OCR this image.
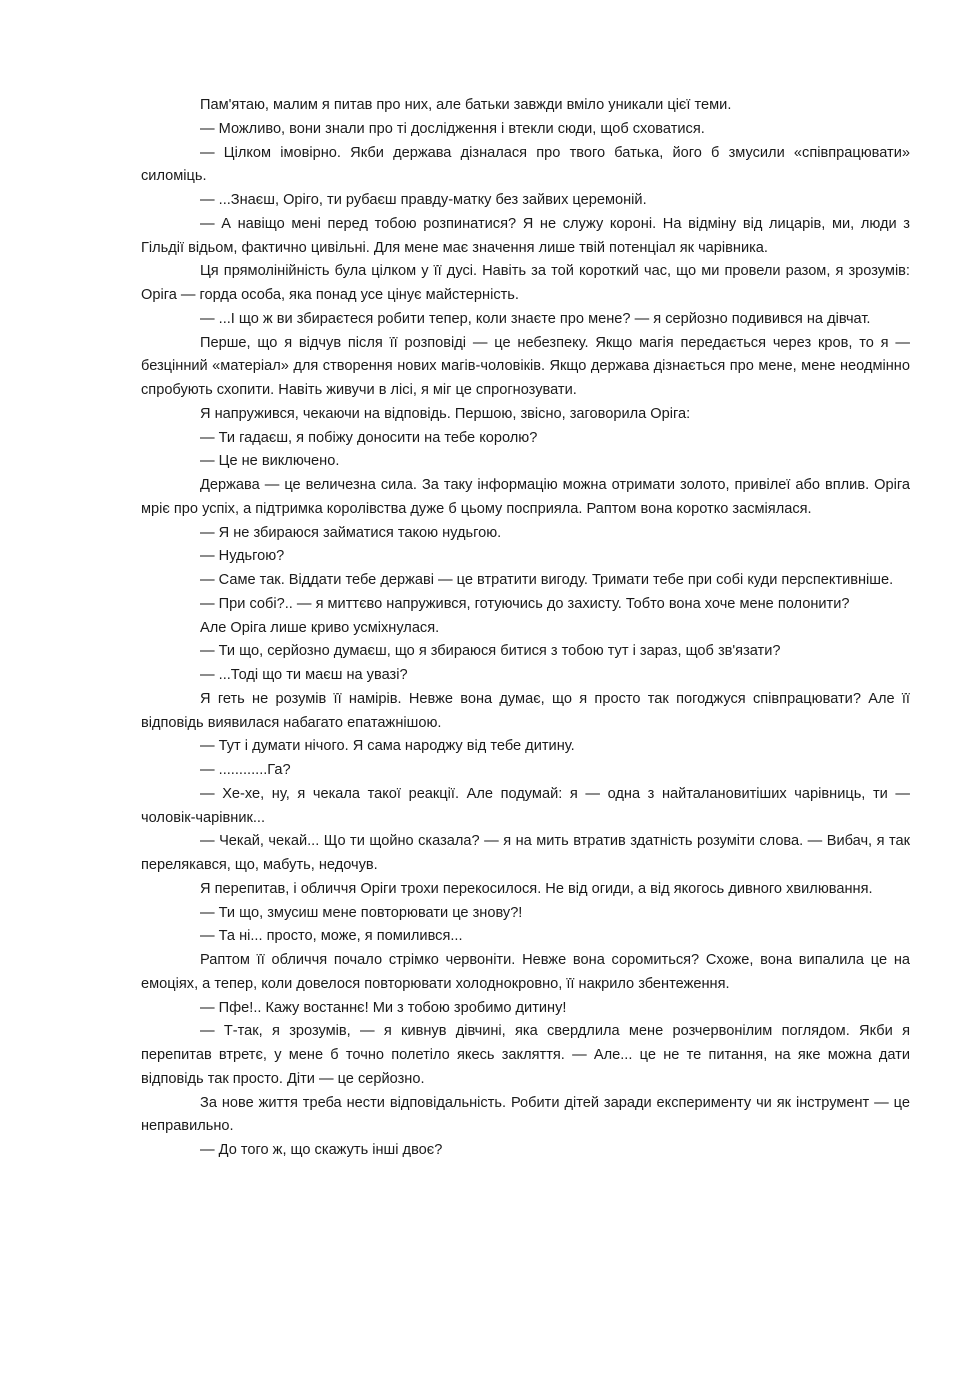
Пам'ятаю, малим я питав про них, але батьки завжди вміло уникали цієї теми.

— Можливо, вони знали про ті дослідження і втекли сюди, щоб сховатися.

— Цілком імовірно. Якби держава дізналася про твого батька, його б змусили «співпрацювати» силоміць.

— ...Знаєш, Оріго, ти рубаєш правду-матку без зайвих церемоній.

— А навіщо мені перед тобою розпинатися? Я не служу короні. На відміну від лицарів, ми, люди з Гільдії відьом, фактично цивільні. Для мене має значення лише твій потенціал як чарівника.

Ця прямолінійність була цілком у її дусі. Навіть за той короткий час, що ми провели разом, я зрозумів: Оріга — горда особа, яка понад усе цінує майстерність.

— ...І що ж ви збираєтеся робити тепер, коли знаєте про мене? — я серйозно подивився на дівчат.

Перше, що я відчув після її розповіді — це небезпеку. Якщо магія передається через кров, то я — безцінний «матеріал» для створення нових магів-чоловіків. Якщо держава дізнається про мене, мене неодмінно спробують схопити. Навіть живучи в лісі, я міг це спрогнозувати.

Я напружився, чекаючи на відповідь. Першою, звісно, заговорила Оріга:

— Ти гадаєш, я побіжу доносити на тебе королю?

— Це не виключено.

Держава — це величезна сила. За таку інформацію можна отримати золото, привілеї або вплив. Оріга мріє про успіх, а підтримка королівства дуже б цьому посприяла. Раптом вона коротко засміялася.

— Я не збираюся займатися такою нудьгою.

— Нудьгою?

— Саме так. Віддати тебе державі — це втратити вигоду. Тримати тебе при собі куди перспективніше.

— При собі?.. — я миттєво напружився, готуючись до захисту. Тобто вона хоче мене полонити?

Але Оріга лише криво усміхнулася.

— Ти що, серйозно думаєш, що я збираюся битися з тобою тут і зараз, щоб зв'язати?

— ...Тоді що ти маєш на увазі?

Я геть не розумів її намірів. Невже вона думає, що я просто так погоджуся співпрацювати? Але її відповідь виявилася набагато епатажнішою.

— Тут і думати нічого. Я сама народжу від тебе дитину.

— ............Га?

— Хе-хе, ну, я чекала такої реакції. Але подумай: я — одна з найталановитіших чарівниць, ти — чоловік-чарівник...

— Чекай, чекай... Що ти щойно сказала? — я на мить втратив здатність розуміти слова. — Вибач, я так перелякався, що, мабуть, недочув.

Я перепитав, і обличчя Оріги трохи перекосилося. Не від огиди, а від якогось дивного хвилювання.

— Ти що, змусиш мене повторювати це знову?!

— Та ні... просто, може, я помилився...

Раптом її обличчя почало стрімко червоніти. Невже вона соромиться? Схоже, вона випалила це на емоціях, а тепер, коли довелося повторювати холоднокровно, її накрило збентеження.

— Пфе!.. Кажу востаннє! Ми з тобою зробимо дитину!

— Т-так, я зрозумів, — я кивнув дівчині, яка свердлила мене розчервонілим поглядом. Якби я перепитав втретє, у мене б точно полетіло якесь закляття. — Але... це не те питання, на яке можна дати відповідь так просто. Діти — це серйозно.

За нове життя треба нести відповідальність. Робити дітей заради експерименту чи як інструмент — це неправильно.

— До того ж, що скажуть інші двоє?
